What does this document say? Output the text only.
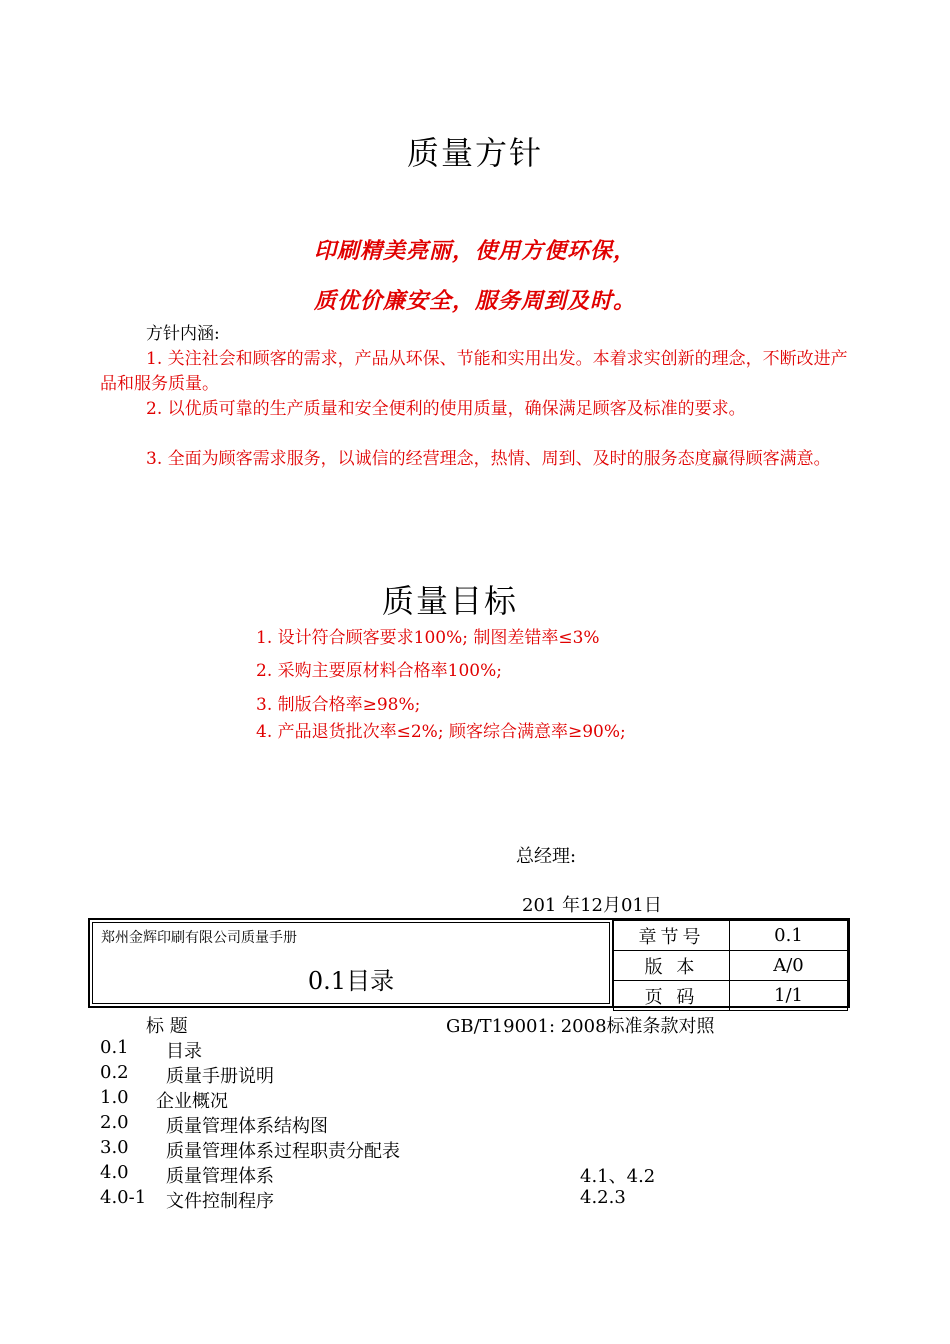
质量方针
印刷精美亮丽，使用方便环保，
质优价廉安全，服务周到及时。
方针内涵:
1. 关注社会和顾客的需求，产品从环保、节能和实用出发。本着求实创新的理念，不断改进产品和服务质量。
2. 以优质可靠的生产质量和安全便利的使用质量，确保满足顾客及标准的要求。
3. 全面为顾客需求服务，以诚信的经营理念，热情、周到、及时的服务态度赢得顾客满意。
质量目标
1. 设计符合顾客要求100%; 制图差错率≤3%
2. 采购主要原材料合格率100%;
3. 制版合格率≥98%;
4. 产品退货批次率≤2%; 顾客综合满意率≥90%;
总经理:
201 年12月01日
郑州金辉印刷有限公司质量手册
0.1目录
章节号	0.1
版 本	A/0
页 码	1/1
标 题	GB/T19001: 2008标准条款对照
0.1 目录
0.2 质量手册说明
1.0 企业概况
2.0 质量管理体系结构图
3.0 质量管理体系过程职责分配表
4.0 质量管理体系	4.1、4.2
4.0-1 文件控制程序	4.2.3
